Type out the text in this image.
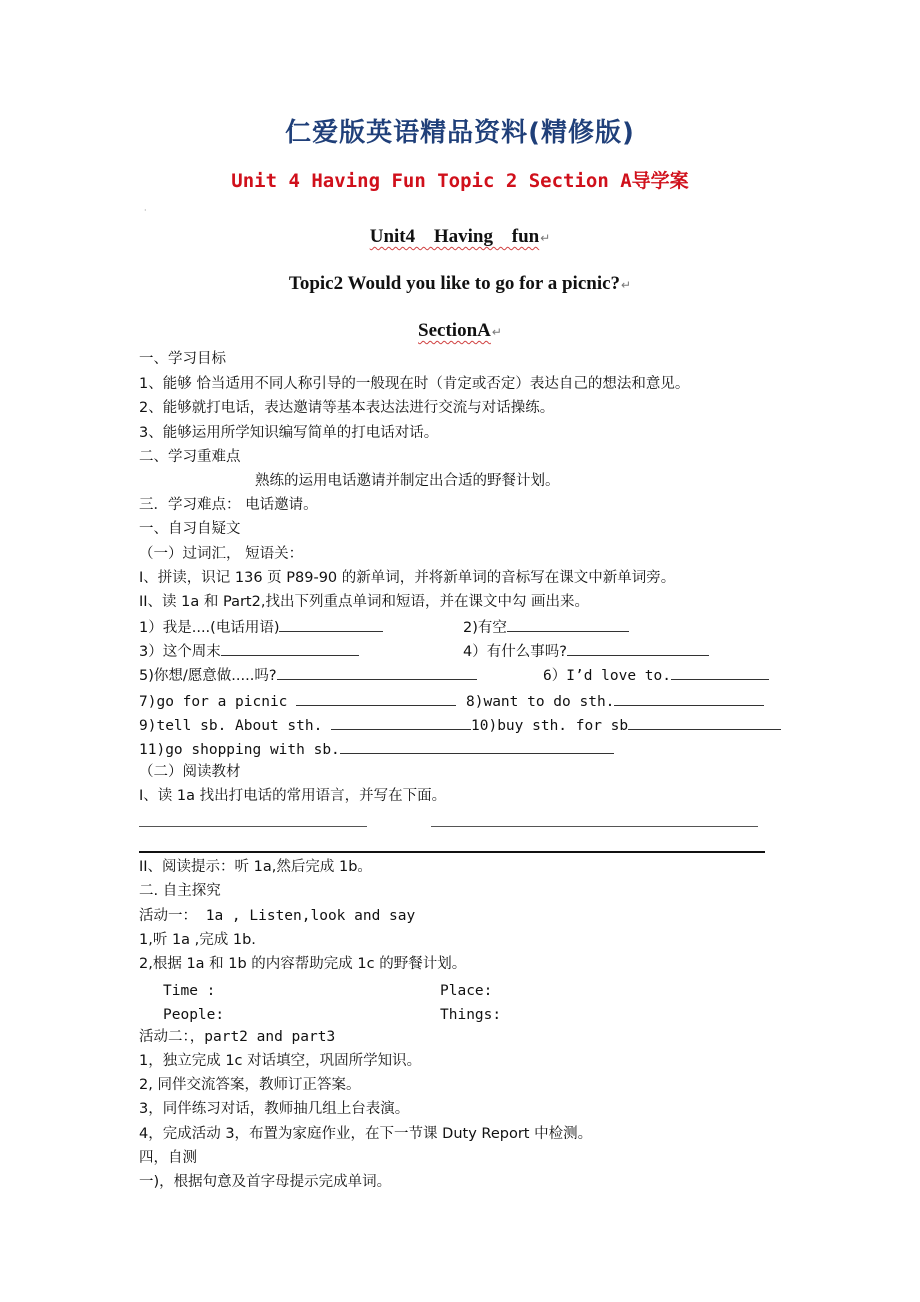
仁爱版英语精品资料(精修版)
Unit 4 Having Fun Topic 2 Section A导学案
·
Unit4 Having fun↵
Topic2 Would you like to go for a picnic?↵
SectionA↵
一、学习目标
1、能够 恰当适用不同人称引导的一般现在时（肯定或否定）表达自己的想法和意见。
2、能够就打电话，表达邀请等基本表达法进行交流与对话操练。
3、能够运用所学知识编写简单的打电话对话。
二、学习重难点
熟练的运用电话邀请并制定出合适的野餐计划。
三．学习难点： 电话邀请。
一、自习自疑文
（一）过词汇， 短语关：
I、拼读，识记 136 页 P89-90 的新单词，并将新单词的音标写在课文中新单词旁。
II、读 1a 和 Part2,找出下列重点单词和短语，并在课文中勾 画出来。
1）我是....(电话用语)	2)有空
3）这个周末	4）有什么事吗?
5)你想/愿意做.....吗?	6）I’d love to.
7)go for a picnic	8)want to do sth.
9)tell sb. About sth.	10)buy sth. for sb
11)go shopping with sb.
（二）阅读教材
I、读 1a 找出打电话的常用语言，并写在下面。
II、阅读提示：听 1a,然后完成 1b。
二. 自主探究
活动一： 1a , Listen,look and say
1,听 1a ,完成 1b.
2,根据 1a 和 1b 的内容帮助完成 1c 的野餐计划。
Time :	Place:
People:	Things:
活动二：，part2 and part3
1，独立完成 1c 对话填空，巩固所学知识。
2, 同伴交流答案，教师订正答案。
3，同伴练习对话，教师抽几组上台表演。
4，完成活动 3，布置为家庭作业，在下一节课 Duty Report 中检测。
四，自测
一)，根据句意及首字母提示完成单词。
